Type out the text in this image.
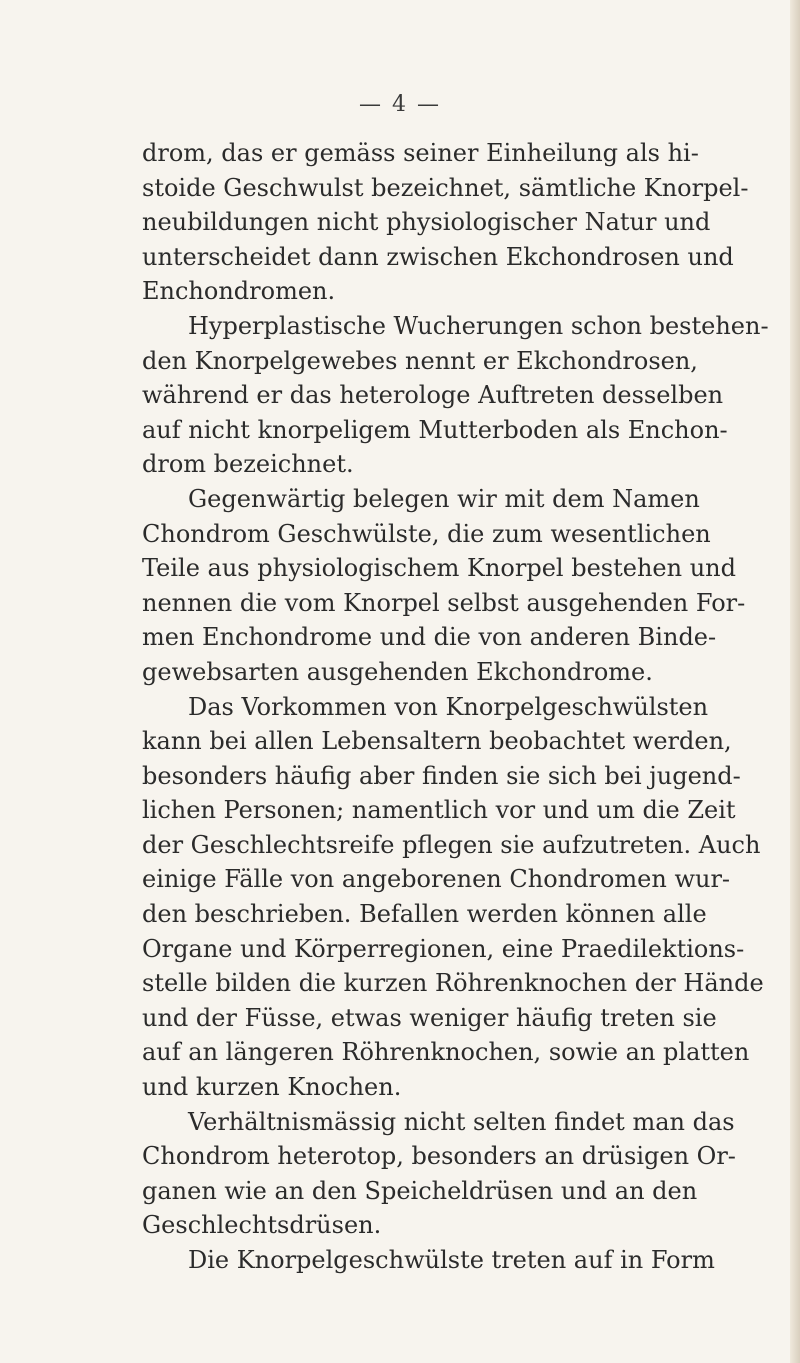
— 4 —
drom, das er gemäss seiner Einheilung als hi-
stoide Geschwulst bezeichnet, sämtliche Knorpel-
neubildungen nicht physiologischer Natur und
unterscheidet dann zwischen Ekchondrosen und
Enchondromen.
Hyperplastische Wucherungen schon bestehen-
den Knorpelgewebes nennt er Ekchondrosen,
während er das heterologe Auftreten desselben
auf nicht knorpeligem Mutterboden als Enchon-
drom bezeichnet.
Gegenwärtig belegen wir mit dem Namen
Chondrom Geschwülste, die zum wesentlichen
Teile aus physiologischem Knorpel bestehen und
nennen die vom Knorpel selbst ausgehenden For-
men Enchondrome und die von anderen Binde-
gewebsarten ausgehenden Ekchondrome.
Das Vorkommen von Knorpelgeschwülsten
kann bei allen Lebensaltern beobachtet werden,
besonders häufig aber finden sie sich bei jugend-
lichen Personen; namentlich vor und um die Zeit
der Geschlechtsreife pflegen sie aufzutreten. Auch
einige Fälle von angeborenen Chondromen wur-
den beschrieben. Befallen werden können alle
Organe und Körperregionen, eine Praedilektions-
stelle bilden die kurzen Röhrenknochen der Hände
und der Füsse, etwas weniger häufig treten sie
auf an längeren Röhrenknochen, sowie an platten
und kurzen Knochen.
Verhältnismässig nicht selten findet man das
Chondrom heterotop, besonders an drüsigen Or-
ganen wie an den Speicheldrüsen und an den
Geschlechtsdrüsen.
Die Knorpelgeschwülste treten auf in Form
